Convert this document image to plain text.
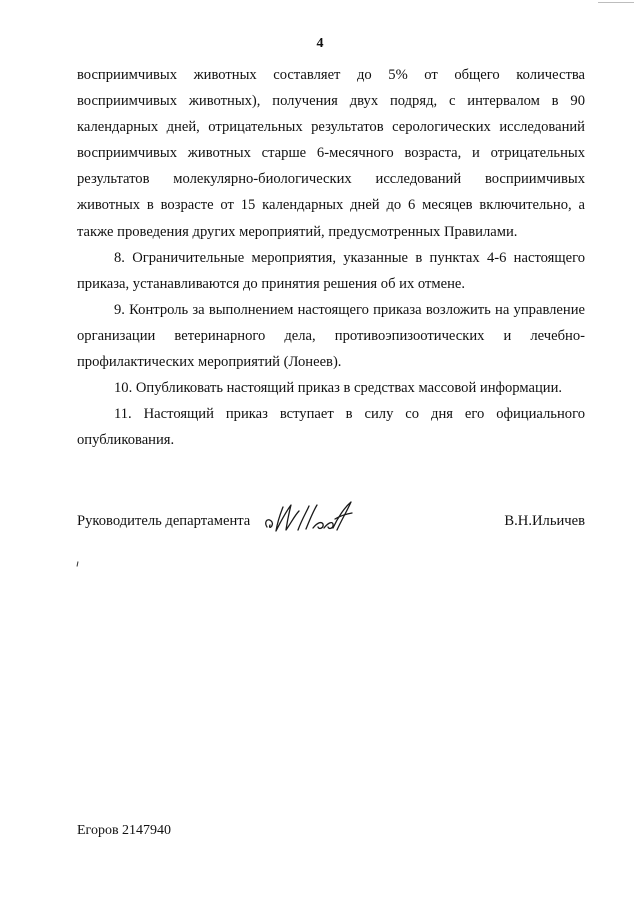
4

восприимчивых животных составляет до 5% от общего количества восприимчивых животных), получения двух подряд, с интервалом в 90 календарных дней, отрицательных результатов серологических исследований восприимчивых животных старше 6-месячного возраста, и отрицательных результатов молекулярно-биологических исследований восприимчивых животных в возрасте от 15 календарных дней до 6 месяцев включительно, а также проведения других мероприятий, предусмотренных Правилами.

8. Ограничительные мероприятия, указанные в пунктах 4-6 настоящего приказа, устанавливаются до принятия решения об их отмене.

9. Контроль за выполнением настоящего приказа возложить на управление организации ветеринарного дела, противоэпизоотических и лечебно-профилактических мероприятий (Лонеев).

10. Опубликовать настоящий приказ в средствах массовой информации.

11. Настоящий приказ вступает в силу со дня его официального опубликования.

Руководитель департамента	В.Н.Ильичев
Егоров 2147940
